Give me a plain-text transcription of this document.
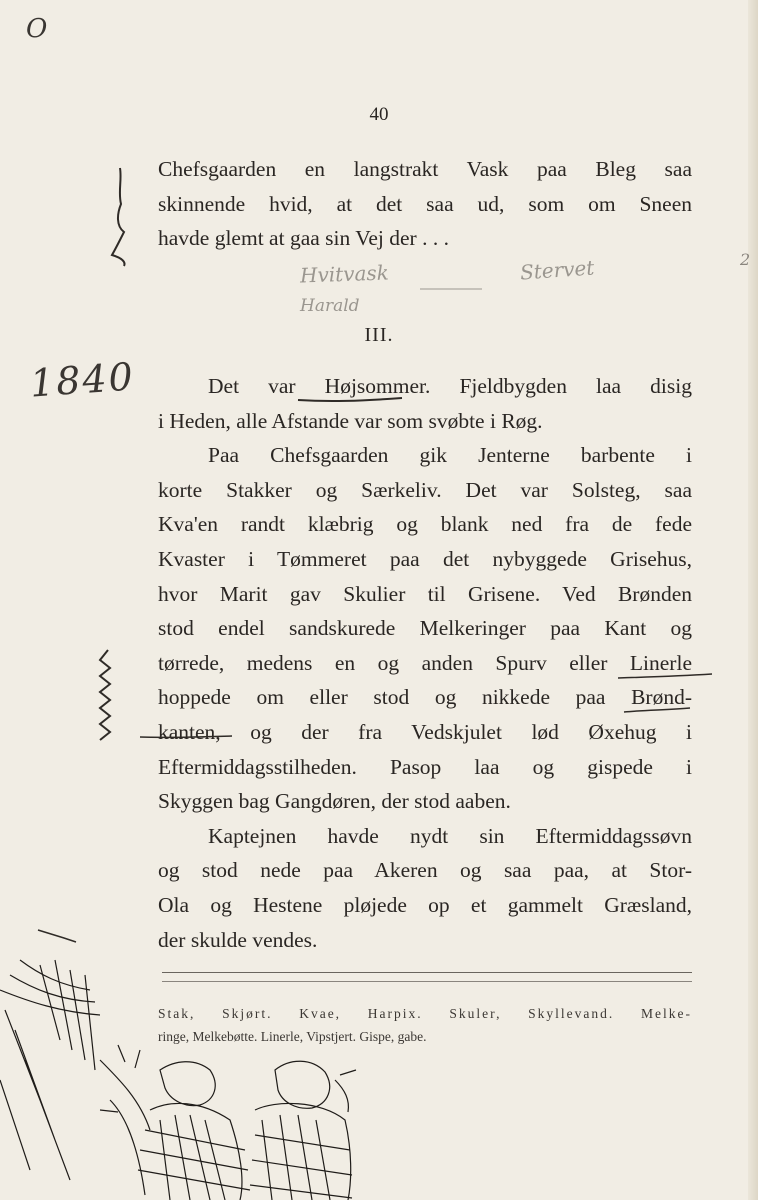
40
Chefsgaarden en langstrakt Vask paa Bleg saa
skinnende hvid, at det saa ud, som om Sneen
havde glemt at gaa sin Vej der . . .
Hvitvask	Stervet
Harald
III.
Det var Højsommer. Fjeldbygden laa disig
i Heden, alle Afstande var som svøbte i Røg.
Paa Chefsgaarden gik Jenterne barbente i
korte Stakker og Særkeliv. Det var Solsteg, saa
Kva'en randt klæbrig og blank ned fra de fede
Kvaster i Tømmeret paa det nybyggede Grisehus,
hvor Marit gav Skulier til Grisene. Ved Brønden
stod endel sandskurede Melkeringer paa Kant og
tørrede, medens en og anden Spurv eller Linerle
hoppede om eller stod og nikkede paa Brønd-
kanten, og der fra Vedskjulet lød Øxehug i
Eftermiddagsstilheden. Pasop laa og gispede i
Skyggen bag Gangdøren, der stod aaben.
Kaptejnen havde nydt sin Eftermiddagssøvn
og stod nede paa Akeren og saa paa, at Stor-
Ola og Hestene pløjede op et gammelt Græsland,
der skulde vendes.
Stak, Skjørt. Kvae, Harpix. Skuler, Skyllevand. Melke-
ringe, Melkebøtte. Linerle, Vipstjert. Gispe, gabe.
O
1840
2
